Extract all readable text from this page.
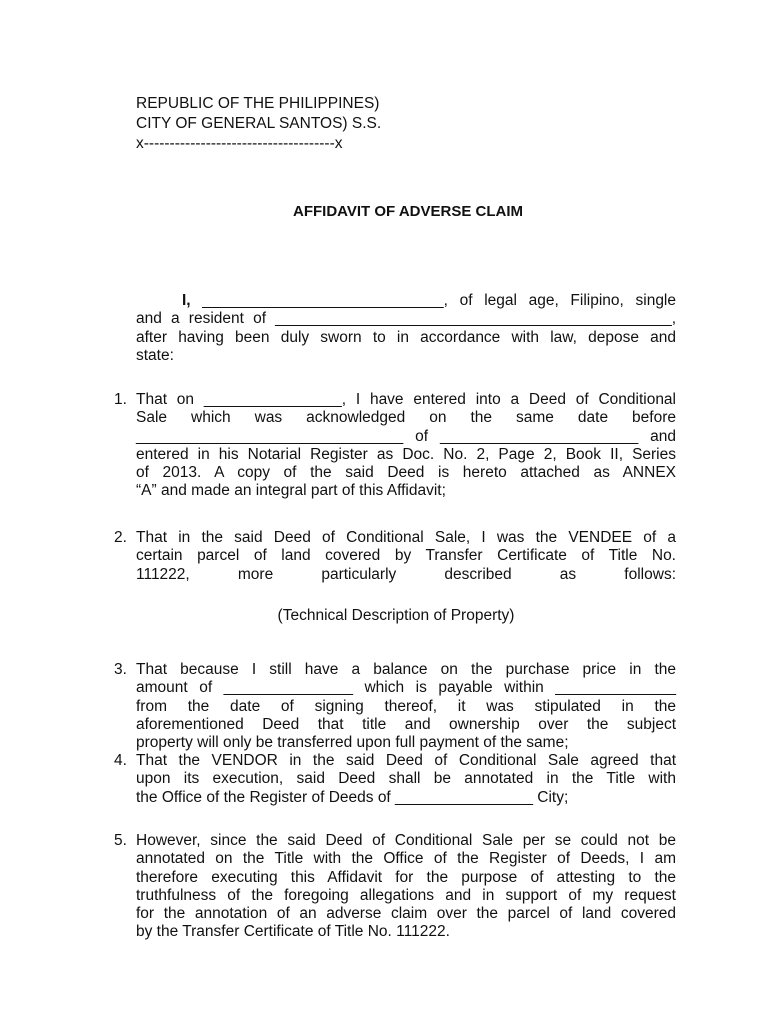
REPUBLIC OF THE PHILIPPINES)
CITY OF GENERAL SANTOS) S.S.
x-------------------------------------x
AFFIDAVIT OF ADVERSE CLAIM
I, ____________________________, of legal age, Filipino, single
and a resident of ______________________________________________,
after having been duly sworn to in accordance with law, depose and
state:
1. That on ________________, I have entered into a Deed of Conditional
Sale which was acknowledged on the same date before
_______________________________ of _______________________ and
entered in his Notarial Register as Doc. No. 2, Page 2, Book II, Series
of 2013. A copy of the said Deed is hereto attached as ANNEX
“A” and made an integral part of this Affidavit;
2. That in the said Deed of Conditional Sale, I was the VENDEE of a
certain parcel of land covered by Transfer Certificate of Title No.
111222, more particularly described as follows:
(Technical Description of Property)
3. That because I still have a balance on the purchase price in the
amount of _______________ which is payable within ______________
from the date of signing thereof, it was stipulated in the
aforementioned Deed that title and ownership over the subject
property will only be transferred upon full payment of the same;
4. That the VENDOR in the said Deed of Conditional Sale agreed that
upon its execution, said Deed shall be annotated in the Title with
the Office of the Register of Deeds of ________________ City;
5. However, since the said Deed of Conditional Sale per se could not be
annotated on the Title with the Office of the Register of Deeds, I am
therefore executing this Affidavit for the purpose of attesting to the
truthfulness of the foregoing allegations and in support of my request
for the annotation of an adverse claim over the parcel of land covered
by the Transfer Certificate of Title No. 111222.
